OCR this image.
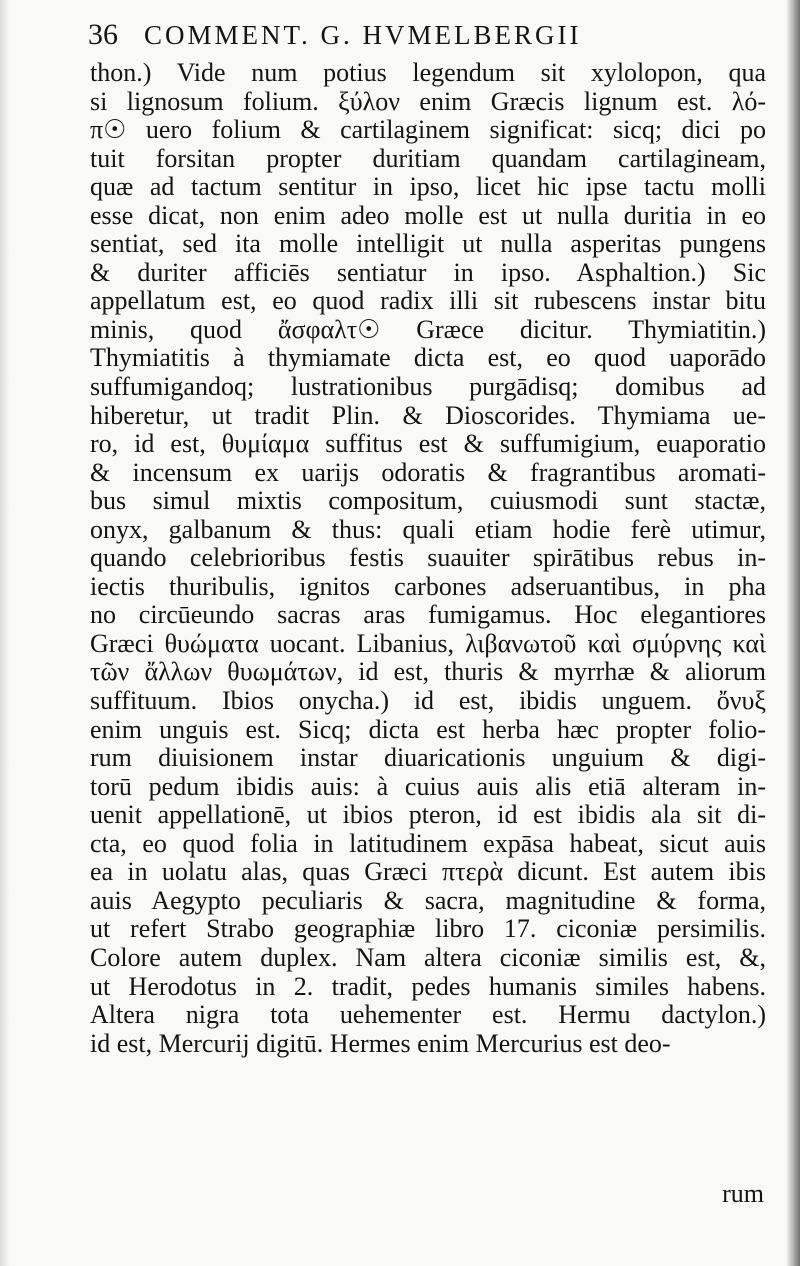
36 COMMENT. G. HVMELBERGII
thon.) Vide num potius legendum sit xylolopon, qua
si lignosum folium. ξύλον enim Græcis lignum est. λό-
π☉ uero folium & cartilaginem significat: sicq; dici po
tuit forsitan propter duritiam quandam cartilagineam,
quæ ad tactum sentitur in ipso, licet hic ipse tactu molli
esse dicat, non enim adeo molle est ut nulla duritia in eo
sentiat, sed ita molle intelligit ut nulla asperitas pungens
& duriter afficiēs sentiatur in ipso. Asphaltion.) Sic
appellatum est, eo quod radix illi sit rubescens instar bitu
minis, quod ἄσφαλτ☉ Græce dicitur. Thymiatitin.)
Thymiatitis à thymiamate dicta est, eo quod uaporādo
suffumigandoq; lustrationibus purgādisq; domibus ad
hiberetur, ut tradit Plin. & Dioscorides. Thymiama ue-
ro, id est, θυμίαμα suffitus est & suffumigium, euaporatio
& incensum ex uarijs odoratis & fragrantibus aromati-
bus simul mixtis compositum, cuiusmodi sunt stactæ,
onyx, galbanum & thus: quali etiam hodie ferè utimur,
quando celebrioribus festis suauiter spirātibus rebus in-
iectis thuribulis, ignitos carbones adseruantibus, in pha
no circūeundo sacras aras fumigamus. Hoc elegantiores
Græci θυώματα uocant. Libanius, λιβανωτοῦ καὶ σμύρνης καὶ
τῶν ἄλλων θυωμάτων, id est, thuris & myrrhæ & aliorum
suffituum. Ibios onycha.) id est, ibidis unguem. ὄνυξ
enim unguis est. Sicq; dicta est herba hæc propter folio-
rum diuisionem instar diuaricationis unguium & digi-
torū pedum ibidis auis: à cuius auis alis etiā alteram in-
uenit appellationē, ut ibios pteron, id est ibidis ala sit di-
cta, eo quod folia in latitudinem expāsa habeat, sicut auis
ea in uolatu alas, quas Græci πτερὰ dicunt. Est autem ibis
auis Aegypto peculiaris & sacra, magnitudine & forma,
ut refert Strabo geographiæ libro 17. ciconiæ persimilis.
Colore autem duplex. Nam altera ciconiæ similis est, &,
ut Herodotus in 2. tradit, pedes humanis similes habens.
Altera nigra tota uehementer est. Hermu dactylon.)
id est, Mercurij digitū. Hermes enim Mercurius est deo-
rum
